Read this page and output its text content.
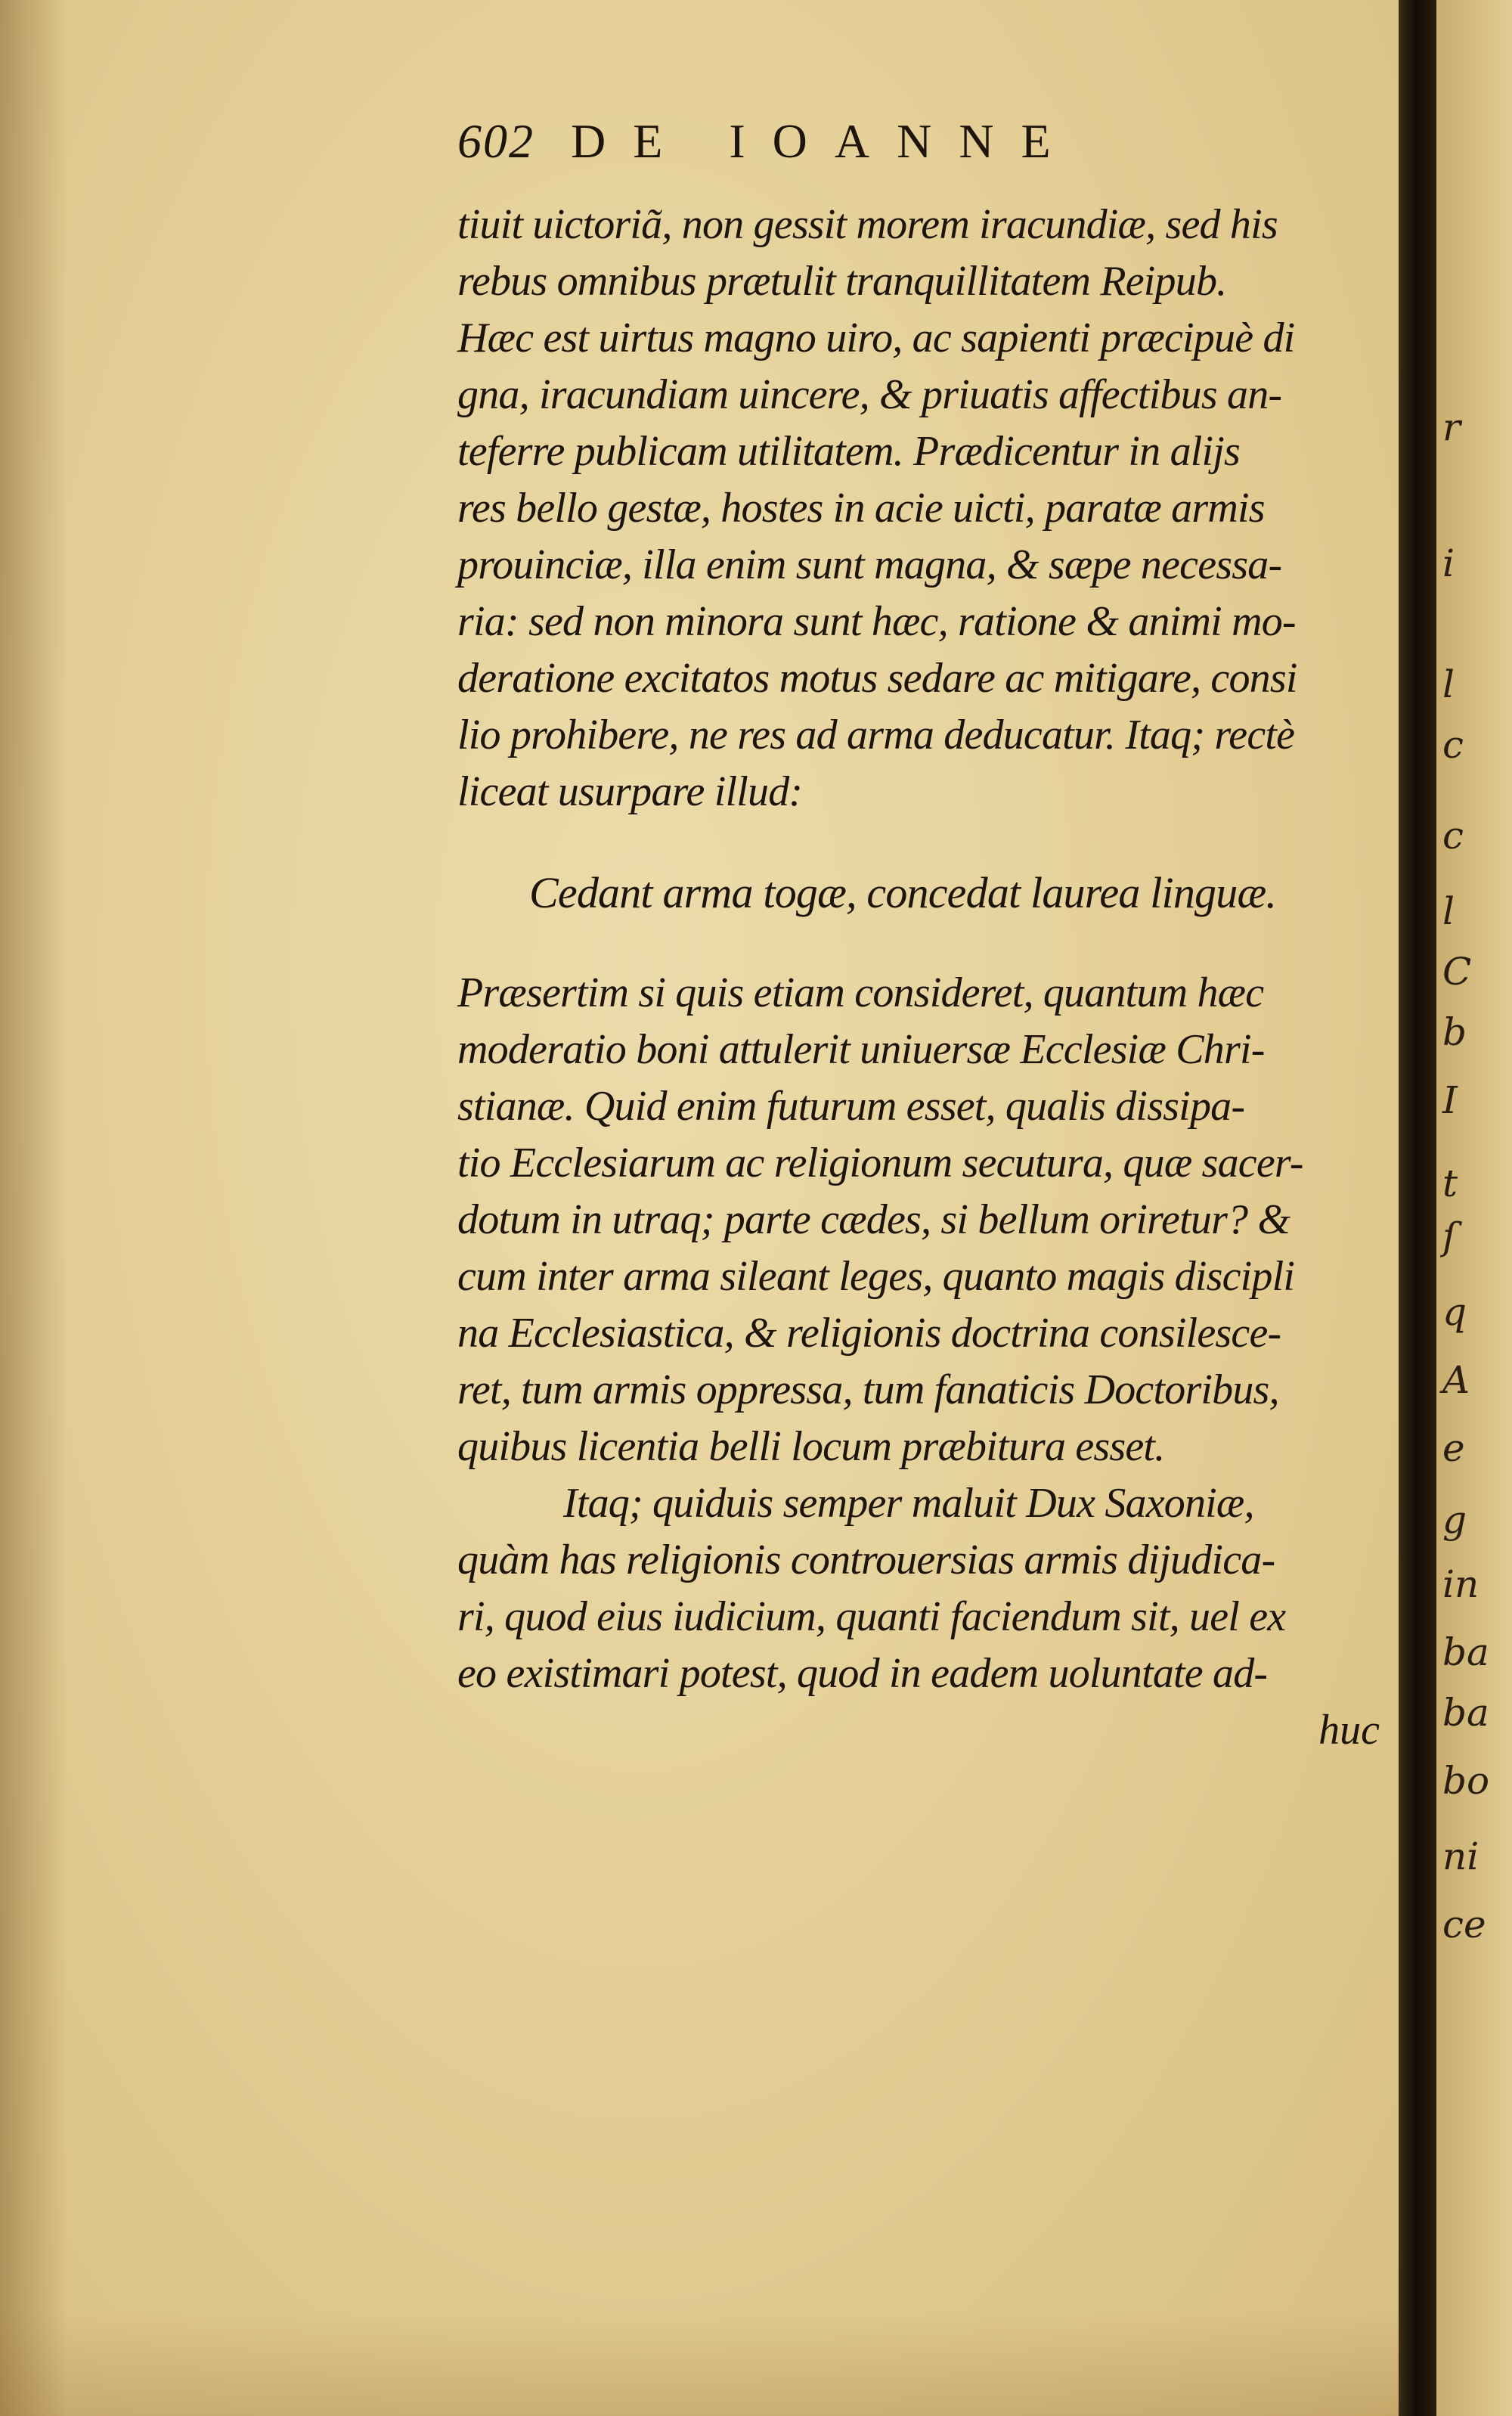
602 DE IOANNE
tiuit uictoriã, non gessit morem iracundiæ, sed his
rebus omnibus prætulit tranquillitatem Reipub.
Hæc est uirtus magno uiro, ac sapienti præcipuè di
gna, iracundiam uincere, & priuatis affectibus an-
teferre publicam utilitatem. Prædicentur in alijs
res bello gestæ, hostes in acie uicti, paratæ armis
prouinciæ, illa enim sunt magna, & sæpe necessa-
ria: sed non minora sunt hæc, ratione & animi mo-
deratione excitatos motus sedare ac mitigare, consi
lio prohibere, ne res ad arma deducatur. Itaq; rectè
liceat usurpare illud:
Cedant arma togæ, concedat laurea linguæ.
Præsertim si quis etiam consideret, quantum hæc
moderatio boni attulerit uniuersæ Ecclesiæ Chri-
stianæ. Quid enim futurum esset, qualis dissipa-
tio Ecclesiarum ac religionum secutura, quæ sacer-
dotum in utraq; parte cædes, si bellum oriretur? &
cum inter arma sileant leges, quanto magis discipli
na Ecclesiastica, & religionis doctrina consilesce-
ret, tum armis oppressa, tum fanaticis Doctoribus,
quibus licentia belli locum præbitura esset.
Itaq; quiduis semper maluit Dux Saxoniæ,
quàm has religionis controuersias armis dijudica-
ri, quod eius iudicium, quanti faciendum sit, uel ex
eo existimari potest, quod in eadem uoluntate ad-
huc
r
i
l
c
c
l
C
b
I
t
ſ
q
A
e
g
in
ba
ba
bo
ni
ce
